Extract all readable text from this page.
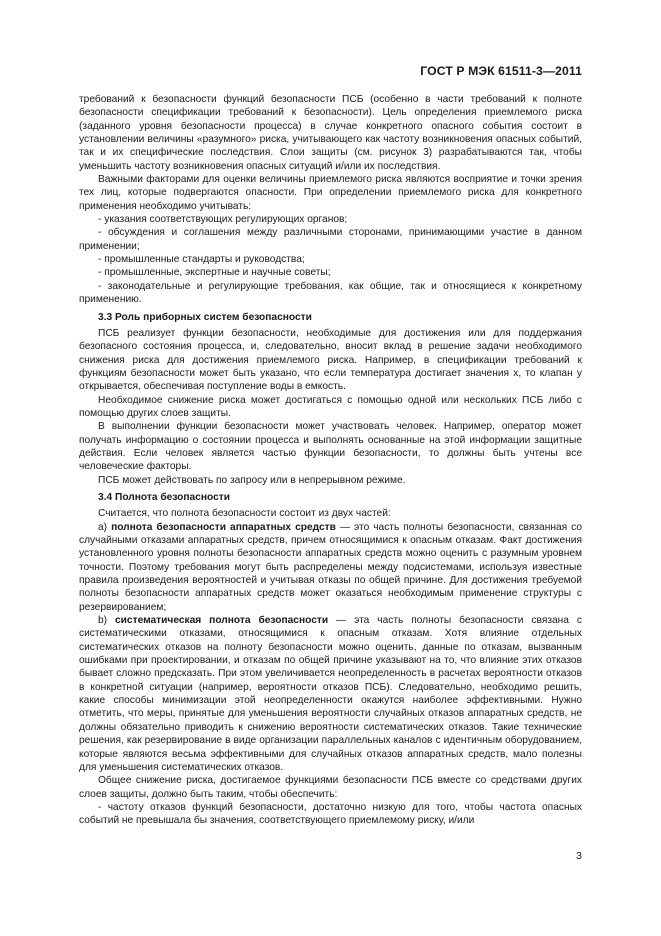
ГОСТ Р МЭК 61511-3—2011

требований к безопасности функций безопасности ПСБ (особенно в части требований к полноте безопасности спецификации требований к безопасности). Цель определения приемлемого риска (заданного уровня безопасности процесса) в случае конкретного опасного события состоит в установлении величины «разумного» риска, учитывающего как частоту возникновения опасных событий, так и их специфические последствия. Слои защиты (см. рисунок 3) разрабатываются так, чтобы уменьшить частоту возникновения опасных ситуаций и/или их последствия.

Важными факторами для оценки величины приемлемого риска являются восприятие и точки зрения тех лиц, которые подвергаются опасности. При определении приемлемого риска для конкретного применения необходимо учитывать:

- указания соответствующих регулирующих органов;

- обсуждения и соглашения между различными сторонами, принимающими участие в данном применении;

- промышленные стандарты и руководства;

- промышленные, экспертные и научные советы;

- законодательные и регулирующие требования, как общие, так и относящиеся к конкретному применению.

3.3 Роль приборных систем безопасности

ПСБ реализует функции безопасности, необходимые для достижения или для поддержания безопасного состояния процесса, и, следовательно, вносит вклад в решение задачи необходимого снижения риска для достижения приемлемого риска. Например, в спецификации требований к функциям безопасности может быть указано, что если температура достигает значения x, то клапан y открывается, обеспечивая поступление воды в емкость.

Необходимое снижение риска может достигаться с помощью одной или нескольких ПСБ либо с помощью других слоев защиты.

В выполнении функции безопасности может участвовать человек. Например, оператор может получать информацию о состоянии процесса и выполнять основанные на этой информации защитные действия. Если человек является частью функции безопасности, то должны быть учтены все человеческие факторы.

ПСБ может действовать по запросу или в непрерывном режиме.

3.4 Полнота безопасности

Считается, что полнота безопасности состоит из двух частей:

a) полнота безопасности аппаратных средств — это часть полноты безопасности, связанная со случайными отказами аппаратных средств, причем относящимися к опасным отказам. Факт достижения установленного уровня полноты безопасности аппаратных средств можно оценить с разумным уровнем точности. Поэтому требования могут быть распределены между подсистемами, используя известные правила произведения вероятностей и учитывая отказы по общей причине. Для достижения требуемой полноты безопасности аппаратных средств может оказаться необходимым применение структуры с резервированием;

b) систематическая полнота безопасности — эта часть полноты безопасности связана с систематическими отказами, относящимися к опасным отказам. Хотя влияние отдельных систематических отказов на полноту безопасности можно оценить, данные по отказам, вызванным ошибками при проектировании, и отказам по общей причине указывают на то, что влияние этих отказов бывает сложно предсказать. При этом увеличивается неопределенность в расчетах вероятности отказов в конкретной ситуации (например, вероятности отказов ПСБ). Следовательно, необходимо решить, какие способы минимизации этой неопределенности окажутся наиболее эффективными. Нужно отметить, что меры, принятые для уменьшения вероятности случайных отказов аппаратных средств, не должны обязательно приводить к снижению вероятности систематических отказов. Такие технические решения, как резервирование в виде организации параллельных каналов с идентичным оборудованием, которые являются весьма эффективными для случайных отказов аппаратных средств, мало полезны для уменьшения систематических отказов.

Общее снижение риска, достигаемое функциями безопасности ПСБ вместе со средствами других слоев защиты, должно быть таким, чтобы обеспечить:

- частоту отказов функций безопасности, достаточно низкую для того, чтобы частота опасных событий не превышала бы значения, соответствующего приемлемому риску, и/или

3
